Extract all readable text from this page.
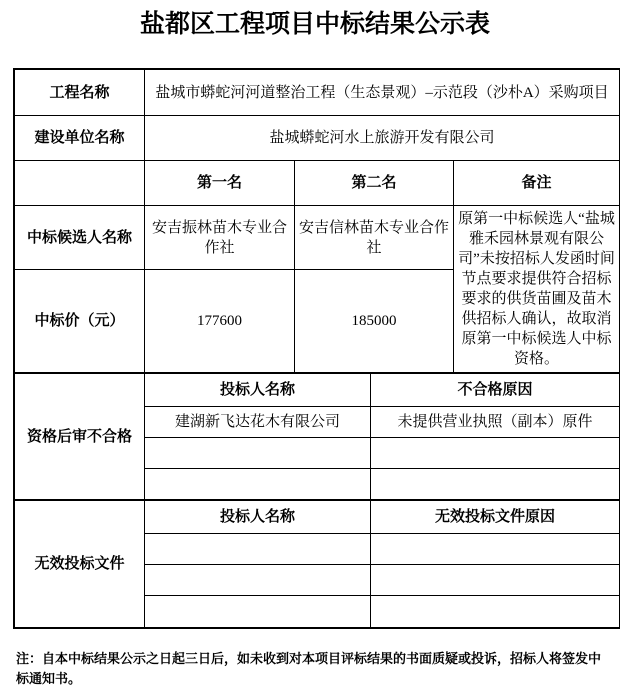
盐都区工程项目中标结果公示表
工程名称	盐城市蟒蛇河河道整治工程（生态景观）–示范段（沙朴A）采购项目		
建设单位名称	盐城蟒蛇河水上旅游开发有限公司		
	第一名	第二名	备注
中标候选人名称	安吉振林苗木专业合作社	安吉信林苗木专业合作社	原第一中标候选人“盐城雅禾园林景观有限公司”未按招标人发函时间节点要求提供符合招标要求的供货苗圃及苗木供招标人确认，故取消原第一中标候选人中标资格。
中标价（元）	177600	185000	
资格后审不合格	投标人名称	不合格原因
	建湖新飞达花木有限公司	未提供营业执照（副本）原件

无效投标文件	投标人名称	无效投标文件原因

注：自本中标结果公示之日起三日后，如未收到对本项目评标结果的书面质疑或投诉，招标人将签发中标通知书。
